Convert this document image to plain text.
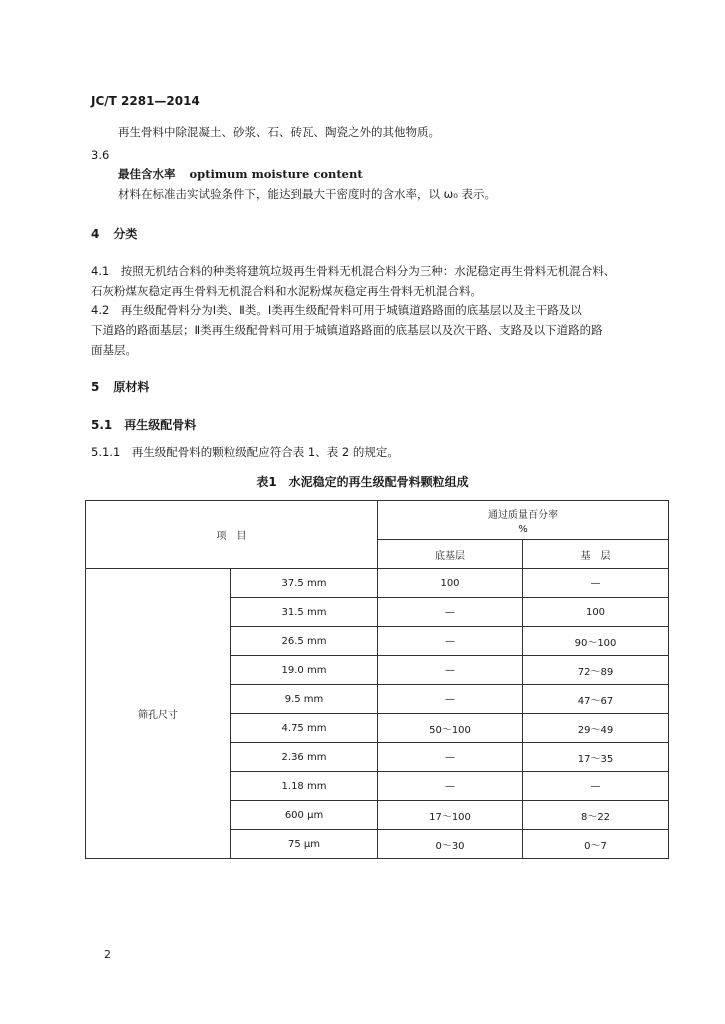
JC/T 2281—2014
再生骨料中除混凝土、砂浆、石、砖瓦、陶瓷之外的其他物质。
3.6
最佳含水率 optimum moisture content
材料在标准击实试验条件下，能达到最大干密度时的含水率，以 ω₀ 表示。
4 分类
4.1　按照无机结合料的种类将建筑垃圾再生骨料无机混合料分为三种：水泥稳定再生骨料无机混合料、
石灰粉煤灰稳定再生骨料无机混合料和水泥粉煤灰稳定再生骨料无机混合料。
4.2　再生级配骨料分为Ⅰ类、Ⅱ类。Ⅰ类再生级配骨料可用于城镇道路路面的底基层以及主干路及以
下道路的路面基层；Ⅱ类再生级配骨料可用于城镇道路路面的底基层以及次干路、支路及以下道路的路
面基层。
5 原材料
5.1　再生级配骨料
5.1.1　再生级配骨料的颗粒级配应符合表 1、表 2 的规定。
表1 水泥稳定的再生级配骨料颗粒组成
项　目		通过质量百分率
%	

		底基层	基　层
筛孔尺寸	37.5 mm	100	—
	31.5 mm	—	100
	26.5 mm	—	90～100
	19.0 mm	—	72～89
	9.5 mm	—	47～67
	4.75 mm	50～100	29～49
	2.36 mm	—	17～35
	1.18 mm	—	—
	600 μm	17～100	8～22
	75 μm	0～30	0～7
2
